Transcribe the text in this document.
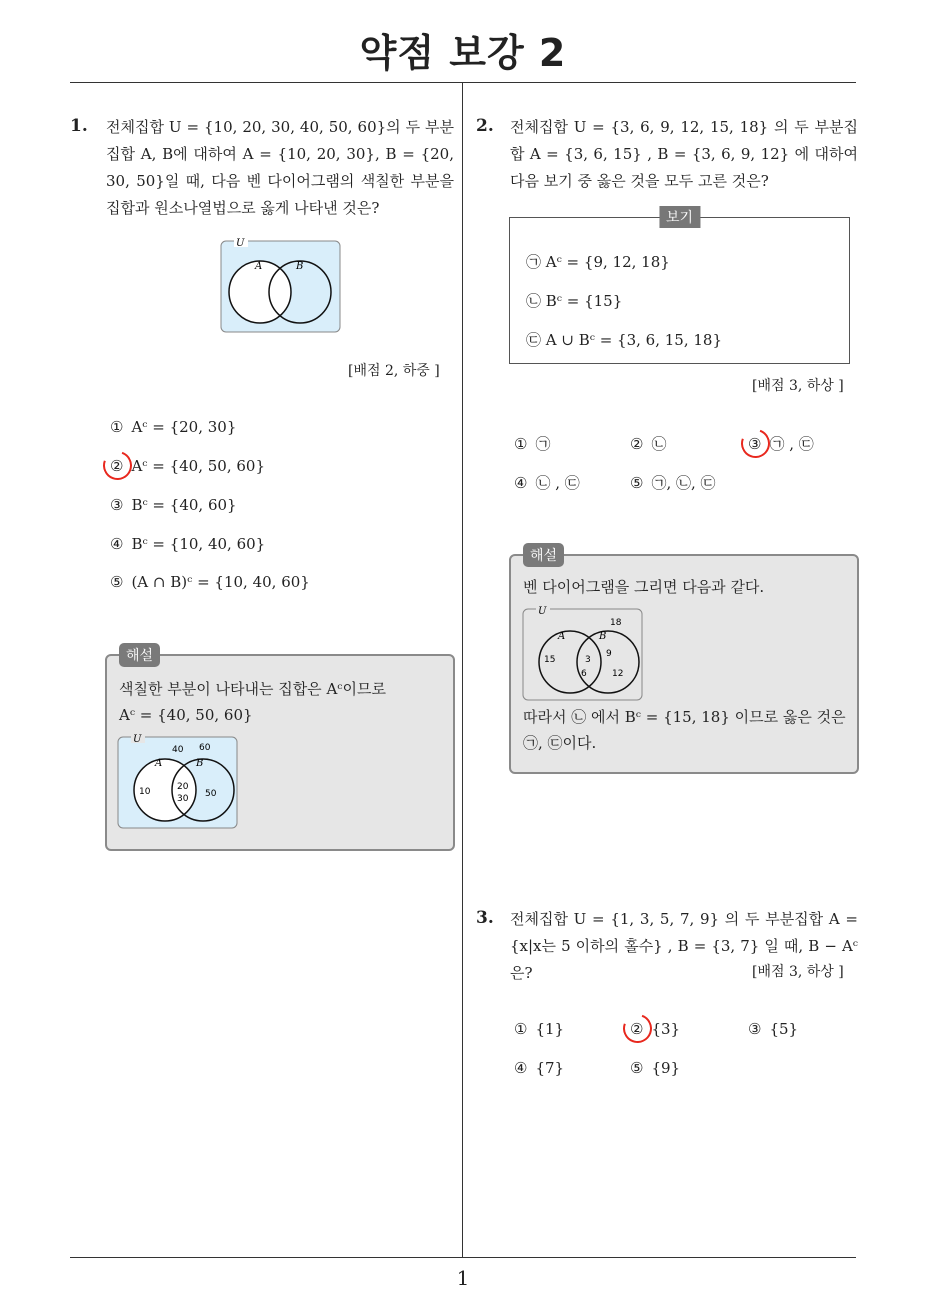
약점 보강 2
1
1. 전체집합 U = {10, 20, 30, 40, 50, 60}의 두 부분집합 A, B에 대하여 A = {10, 20, 30}, B = {20, 30, 50}일 때, 다음 벤 다이어그램의 색칠한 부분을 집합과 원소나열법으로 옳게 나타낸 것은?
U
A	B
[배점 2, 하중 ]
① Aᶜ = {20, 30}
② Aᶜ = {40, 50, 60}
③ Bᶜ = {40, 60}
④ Bᶜ = {10, 40, 60}
⑤ (A ∩ B)ᶜ = {10, 40, 60}
해설
색칠한 부분이 나타내는 집합은 Aᶜ이므로
Aᶜ = {40, 50, 60}
U
40 60
A	B
10	20
30 50
2. 전체집합 U = {3, 6, 9, 12, 15, 18} 의 두 부분집합 A = {3, 6, 15} , B = {3, 6, 9, 12} 에 대하여 다음 보기 중 옳은 것을 모두 고른 것은?
보기
㉠ Aᶜ = {9, 12, 18}
㉡ Bᶜ = {15}
㉢ A ∪ Bᶜ = {3, 6, 15, 18}
[배점 3, 하상 ]
① ㉠	② ㉡	③ ㉠ , ㉢
④ ㉡ , ㉢	⑤ ㉠, ㉡, ㉢
해설
벤 다이어그램을 그리면 다음과 같다.
U
18
A	B
15	3
6
9
12
따라서 ㉡ 에서 Bᶜ = {15, 18} 이므로 옳은 것은
㉠, ㉢이다.
3. 전체집합 U = {1, 3, 5, 7, 9} 의 두 부분집합 A = {x|x는 5 이하의 홀수} , B = {3, 7} 일 때, B − Aᶜ 은?	[배점 3, 하상 ]
① {1}	② {3}	③ {5}
④ {7}	⑤ {9}
